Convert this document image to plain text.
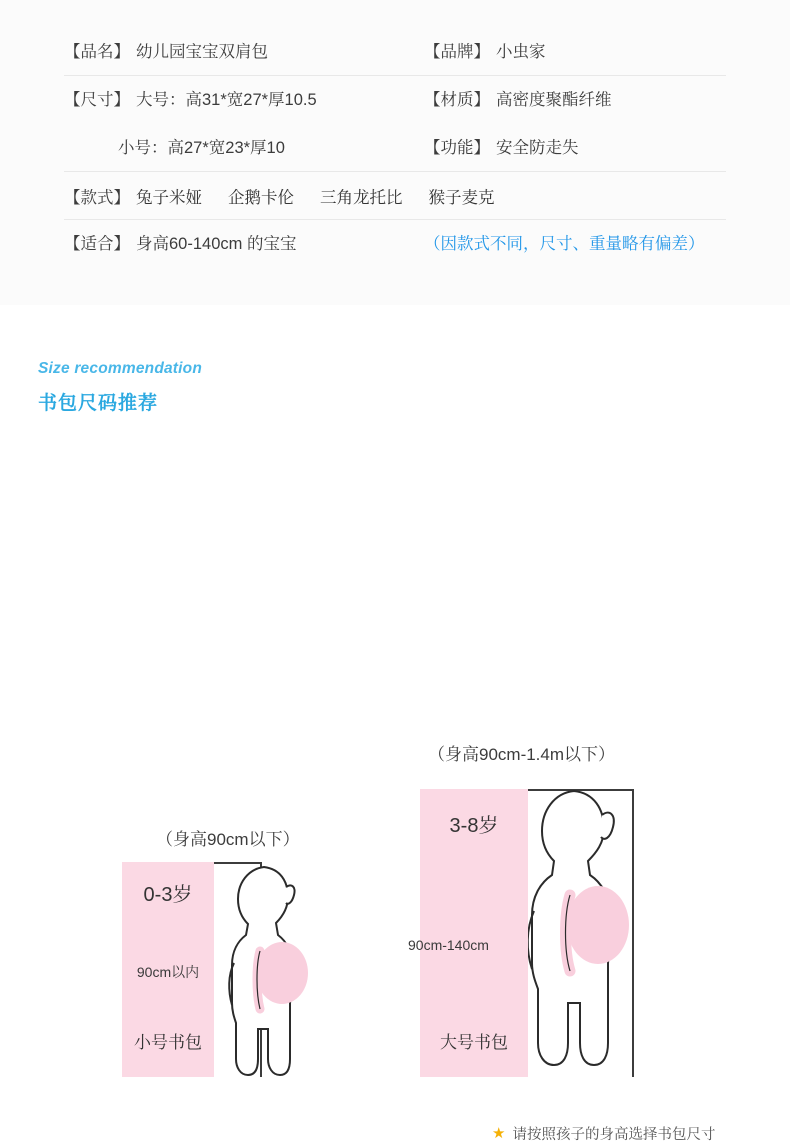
【品名】 幼儿园宝宝双肩包	【品牌】 小虫家
【尺寸】 大号：高31*宽27*厚10.5	【材质】 高密度聚酯纤维
小号：高27*宽23*厚10	【功能】 安全防走失
【款式】 兔子米娅 企鹅卡伦 三角龙托比 猴子麦克
【适合】 身高60-140cm 的宝宝	（因款式不同，尺寸、重量略有偏差）
Size recommendation
书包尺码推荐
（身高90cm以下）
（身高90cm-1.4m以下）
0-3岁
90cm以内
小号书包
3-8岁
90cm-140cm
大号书包
★ 请按照孩子的身高选择书包尺寸
